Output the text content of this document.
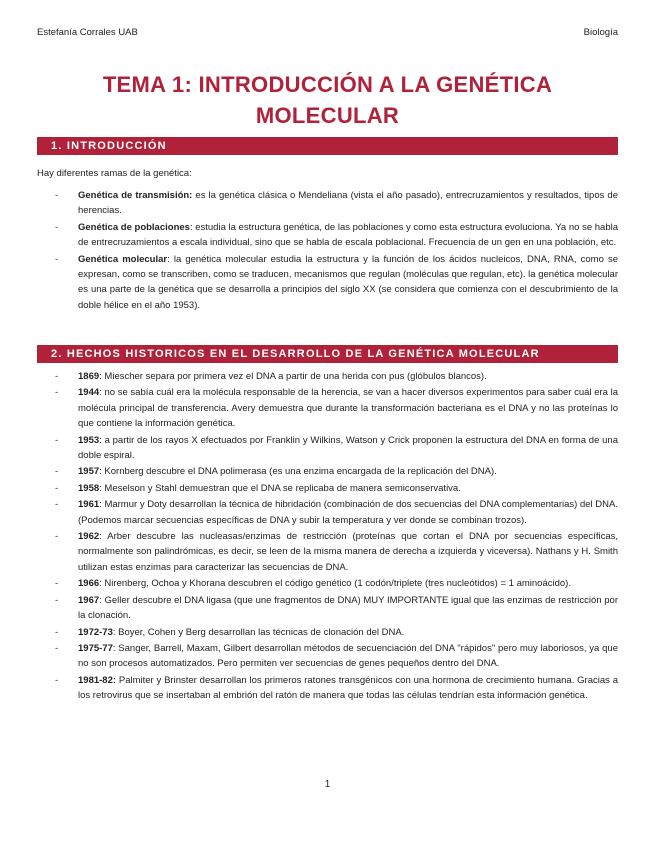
Estefanía Corrales UAB	Biología
TEMA 1: INTRODUCCIÓN A LA GENÉTICA MOLECULAR
1. INTRODUCCIÓN

Hay diferentes ramas de la genética:

- Genética de transmisión: es la genética clásica o Mendeliana (vista el año pasado), entrecruzamientos y resultados, tipos de herencias.
- Genética de poblaciones: estudia la estructura genética, de las poblaciones y como esta estructura evoluciona. Ya no se habla de entrecruzamientos a escala individual, sino que se habla de escala poblacional. Frecuencia de un gen en una población, etc.
- Genética molecular: la genética molecular estudia la estructura y la función de los ácidos nucleicos, DNA, RNA, como se expresan, como se transcriben, como se traducen, mecanismos que regulan (moléculas que regulan, etc). la genética molecular es una parte de la genética que se desarrolla a principios del siglo XX (se considera que comienza con el descubrimiento de la doble hélice en el año 1953).
2. HECHOS HISTORICOS EN EL DESARROLLO DE LA GENÉTICA MOLECULAR
- 1869: Miescher separa por primera vez el DNA a partir de una herida con pus (glóbulos blancos).
- 1944: no se sabía cuál era la molécula responsable de la herencia, se van a hacer diversos experimentos para saber cuál era la molécula principal de transferencia. Avery demuestra que durante la transformación bacteriana es el DNA y no las proteínas lo que contiene la información genética.
- 1953: a partir de los rayos X efectuados por Franklin y Wilkins, Watson y Crick proponen la estructura del DNA en forma de una doble espiral.
- 1957: Kornberg descubre el DNA polimerasa (es una enzima encargada de la replicación del DNA).
- 1958: Meselson y Stahl demuestran que el DNA se replicaba de manera semiconservativa.
- 1961: Marmur y Doty desarrollan la técnica de hibridación (combinación de dos secuencias del DNA complementarias) del DNA. (Podemos marcar secuencias específicas de DNA y subir la temperatura y ver donde se combinan trozos).
- 1962: Arber descubre las nucleasas/enzimas de restricción (proteínas que cortan el DNA por secuencias específicas, normalmente son palindrómicas, es decir, se leen de la misma manera de derecha a izquierda y viceversa). Nathans y H. Smith utilizan estas enzimas para caracterizar las secuencias de DNA.
- 1966: Nirenberg, Ochoa y Khorana descubren el código genético (1 codón/triplete (tres nucleótidos) = 1 aminoácido).
- 1967: Geller descubre el DNA ligasa (que une fragmentos de DNA) MUY IMPORTANTE igual que las enzimas de restricción por la clonación.
- 1972-73: Boyer, Cohen y Berg desarrollan las técnicas de clonación del DNA.
- 1975-77: Sanger, Barrell, Maxam, Gilbert desarrollan métodos de secuenciación del DNA "rápidos" pero muy laboriosos, ya que no son procesos automatizados. Pero permiten ver secuencias de genes pequeños dentro del DNA.
- 1981-82: Palmiter y Brinster desarrollan los primeros ratones transgénicos con una hormona de crecimiento humana. Gracias a los retrovirus que se insertaban al embrión del ratón de manera que todas las células tendrían esta información genética.
1
